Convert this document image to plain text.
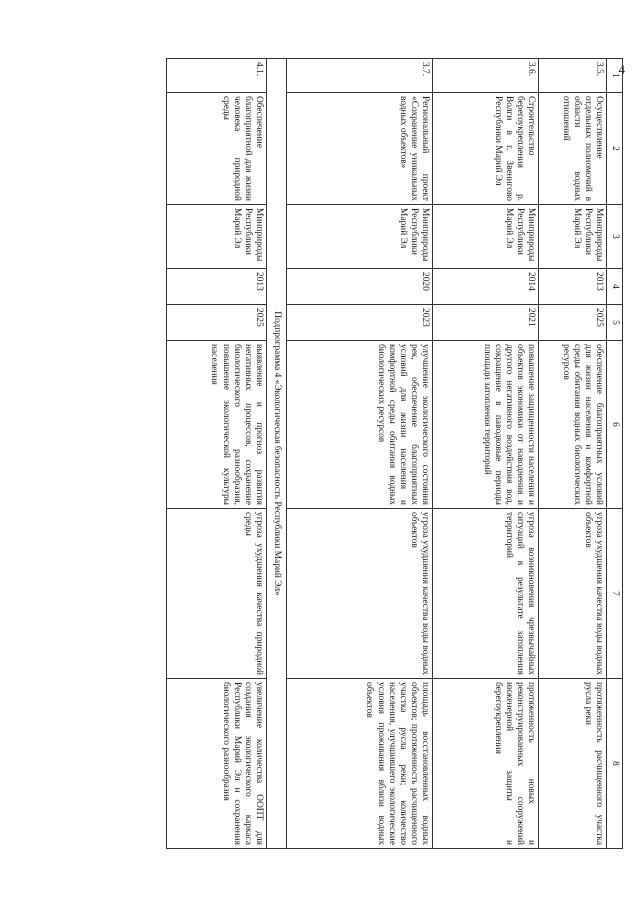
4
1	2	3	4	5	6	7	8
3.5.	Осуществление отдельных полномочий в области водных отношений	Минприроды Республики Марий Эл	2013	2025	обеспечение благоприятных условий для жизни населения и комфортной среды обитания водных биологических ресурсов	угроза ухудшения качества воды водных объектов	протяженность расчищенного участка русла реки
3.6.	Строительство берегоукрепления р. Волги в г. Звенигово Республики Марий Эл	Минприроды Республики Марий Эл	2014	2021	повышение защищенности населения и объектов экономики от наводнения и другого негативного воздействия вод, сокращение в паводковые периоды площади затопления территорий	угроза возникновения чрезвычайных ситуаций в результате затопления территорий	протяженность новых и реконструированных сооружений инженерной защиты и берегоукрепления
3.7.	Региональный проект «Сохранение уникальных водных объектов»	Минприроды Республики Марий Эл	2020	2023	улучшение экологического состояния рек, обеспечение благоприятных условий для жизни населения и комфортной среды обитания водных биологических ресурсов	угроза ухудшения качества воды водных объектов	площадь восстановленных водных объектов; протяженность расчищенного участка русла реки; количество населения, улучшившего экологические условия проживания вблизи водных объектов
Подпрограмма 4 «Экологическая безопасность Республики Марий Эл»							
4.1.	Обеспечение благоприятной для жизни человека природной среды	Минприроды Республики Марий Эл	2013	2025	выявление и прогноз развития негативных процессов, сохранение биологического разнообразия, повышение экологической культуры населения	угроза ухудшения качества природной среды	увеличение количества ООПТ для создания экологического каркаса Республики Марий Эл и сохранения биологического разнообразия
